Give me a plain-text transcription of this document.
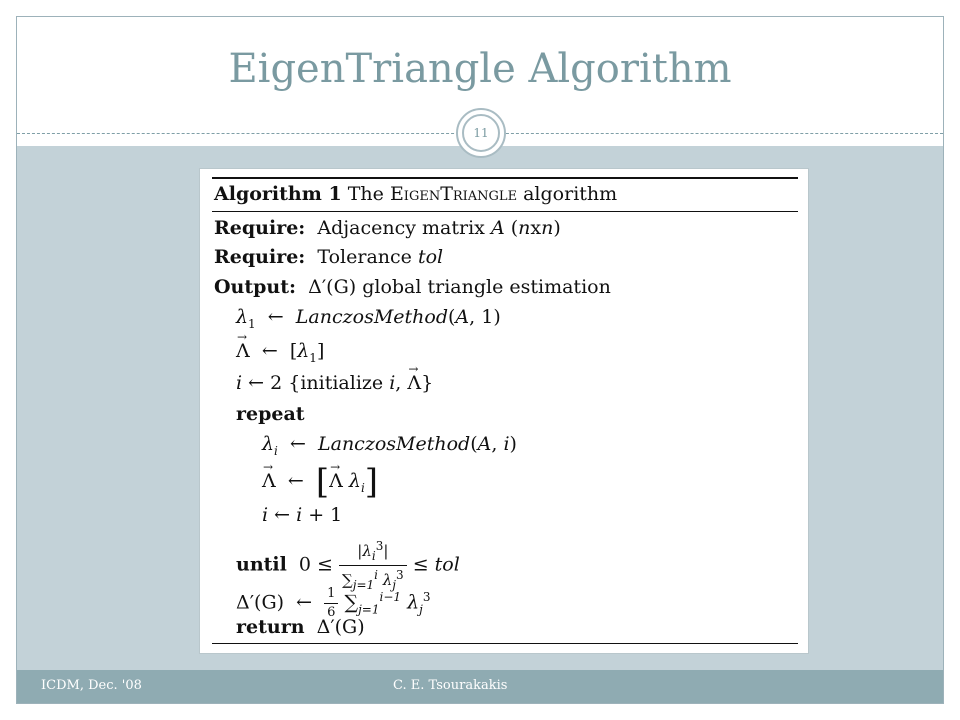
EigenTriangle Algorithm
11
Algorithm 1 The EigenTriangle algorithm
Require: Adjacency matrix A (nxn)
Require: Tolerance tol
Output: Δ′(G) global triangle estimation
$\lambda_1$ ← LanczosMethod(A, 1)
→ Λ ←  $[\lambda_1]$
i ← 2 {initialize i, → Λ}
repeat
$\lambda_i$ ← LanczosMethod(A, i)
→ Λ ← [→ Λ $\lambda_i$]
i ← i + 1
until  $0 \le \frac{|\lambda_i^3|}{\sum_{j=1}^i \lambda_j^3}$ ≤ tol
Δ′(G) ← $\frac{1}{6} \sum_{j=1}^{i-1}$ $\lambda_j^3$
return Δ′(G)
ICDM, Dec. '08	C. E. Tsourakakis
